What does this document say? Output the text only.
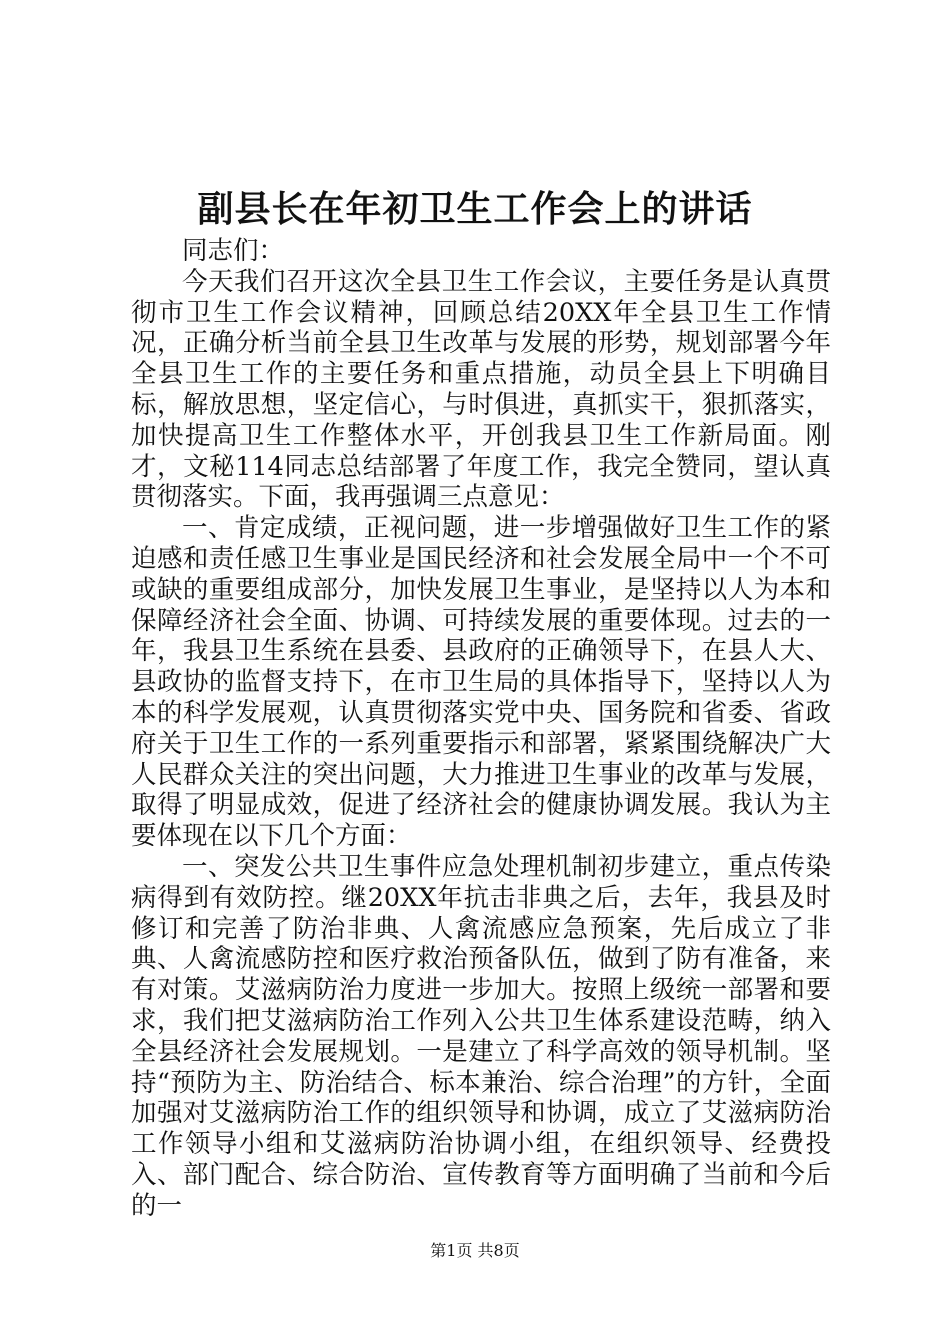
副县长在年初卫生工作会上的讲话

同志们：

今天我们召开这次全县卫生工作会议，主要任务是认真贯彻市卫生工作会议精神，回顾总结20XX年全县卫生工作情况，正确分析当前全县卫生改革与发展的形势，规划部署今年全县卫生工作的主要任务和重点措施，动员全县上下明确目标，解放思想，坚定信心，与时俱进，真抓实干，狠抓落实，加快提高卫生工作整体水平，开创我县卫生工作新局面。刚才，文秘114同志总结部署了年度工作，我完全赞同，望认真贯彻落实。下面，我再强调三点意见：

一、肯定成绩，正视问题，进一步增强做好卫生工作的紧迫感和责任感卫生事业是国民经济和社会发展全局中一个不可或缺的重要组成部分，加快发展卫生事业，是坚持以人为本和保障经济社会全面、协调、可持续发展的重要体现。过去的一年，我县卫生系统在县委、县政府的正确领导下，在县人大、县政协的监督支持下，在市卫生局的具体指导下，坚持以人为本的科学发展观，认真贯彻落实党中央、国务院和省委、省政府关于卫生工作的一系列重要指示和部署，紧紧围绕解决广大人民群众关注的突出问题，大力推进卫生事业的改革与发展，取得了明显成效，促进了经济社会的健康协调发展。我认为主要体现在以下几个方面：

一、突发公共卫生事件应急处理机制初步建立，重点传染病得到有效防控。继20XX年抗击非典之后，去年，我县及时修订和完善了防治非典、人禽流感应急预案，先后成立了非典、人禽流感防控和医疗救治预备队伍，做到了防有准备，来有对策。艾滋病防治力度进一步加大。按照上级统一部署和要求，我们把艾滋病防治工作列入公共卫生体系建设范畴，纳入全县经济社会发展规划。一是建立了科学高效的领导机制。坚持“预防为主、防治结合、标本兼治、综合治理”的方针，全面加强对艾滋病防治工作的组织领导和协调，成立了艾滋病防治工作领导小组和艾滋病防治协调小组，在组织领导、经费投入、部门配合、综合防治、宣传教育等方面明确了当前和今后的一

第1页 共8页
